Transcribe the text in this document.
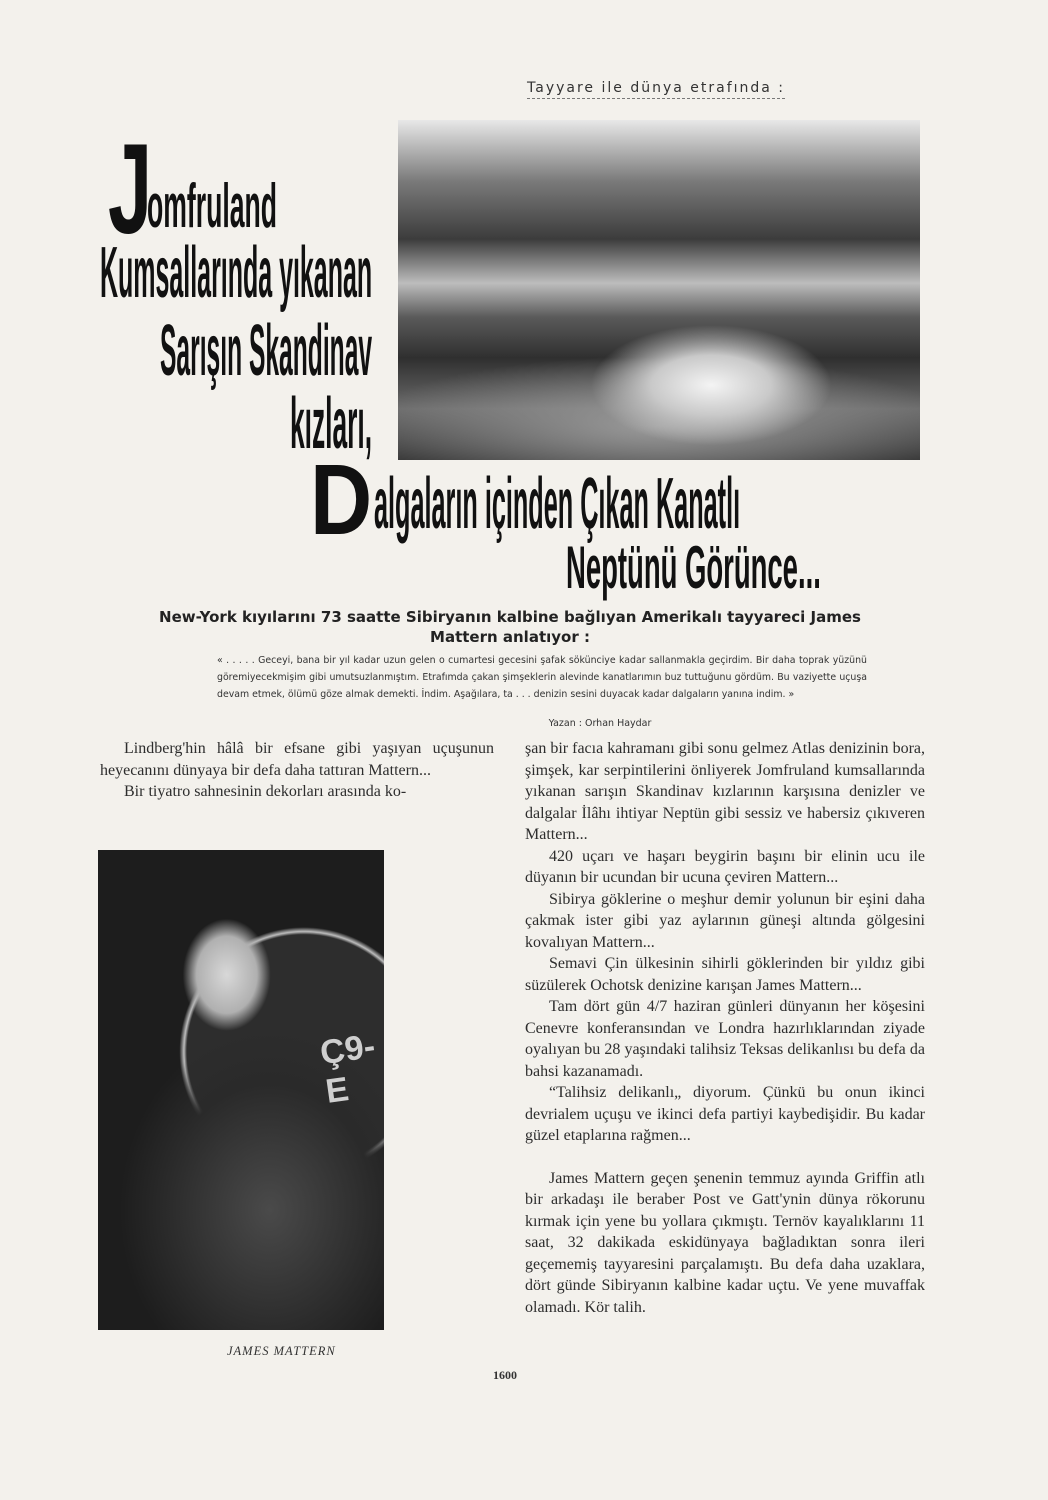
Tayyare ile dünya etrafında :
J
omfruland
Kumsallarında yıkanan
Sarışın Skandinav
kızları,
D algaların içinden Çıkan Kanatlı
Neptünü Görünce...
New-York kıyılarını 73 saatte Sibiryanın kalbine bağlıyan Amerikalı tayyareci James Mattern anlatıyor :
« . . . . . Geceyi, bana bir yıl kadar uzun gelen o cumartesi gecesini şafak sökünciye kadar sallanmakla geçirdim. Bir daha toprak yüzünü göremiyecekmişim gibi umutsuzlanmıştım. Etrafımda çakan şimşeklerin alevinde kanatlarımın buz tuttuğunu gördüm. Bu vaziyette uçuşa devam etmek, ölümü göze almak demekti. İndim. Aşağılara, ta . . . denizin sesini duyacak kadar dalgaların yanına indim. »
Yazan : Orhan Haydar

Lindberg'hin hâlâ bir efsane gibi yaşıyan uçuşunun heyecanını dünyaya bir defa daha tattıran Mattern...

Bir tiyatro sahnesinin dekorları arasında ko-

Ç9-E
JAMES MATTERN

şan bir facıa kahramanı gibi sonu gelmez Atlas denizinin bora, şimşek, kar serpintilerini önliyerek Jomfruland kumsallarında yıkanan sarışın Skandinav kızlarının karşısına denizler ve dalgalar İlâhı ihtiyar Neptün gibi sessiz ve habersiz çıkıveren Mattern...

420 uçarı ve haşarı beygirin başını bir elinin ucu ile düyanın bir ucundan bir ucuna çeviren Mattern...

Sibirya göklerine o meşhur demir yolunun bir eşini daha çakmak ister gibi yaz aylarının güneşi altında gölgesini kovalıyan Mattern...

Semavi Çin ülkesinin sihirli göklerinden bir yıldız gibi süzülerek Ochotsk denizine karışan James Mattern...

Tam dört gün 4/7 haziran günleri dünyanın her köşesini Cenevre konferansından ve Londra hazırlıklarından ziyade oyalıyan bu 28 yaşındaki talihsiz Teksas delikanlısı bu defa da bahsi kazanamadı.

“Talihsiz delikanlı„ diyorum. Çünkü bu onun ikinci devrialem uçuşu ve ikinci defa partiyi kaybedişidir. Bu kadar güzel etaplarına rağmen...

James Mattern geçen şenenin temmuz ayında Griffin atlı bir arkadaşı ile beraber Post ve Gatt'ynin dünya rökorunu kırmak için yene bu yollara çıkmıştı. Ternöv kayalıklarını 11 saat, 32 dakikada eskidünyaya bağladıktan sonra ileri geçememiş tayyaresini parçalamıştı. Bu defa daha uzaklara, dört günde Sibiryanın kalbine kadar uçtu. Ve yene muvaffak olamadı. Kör talih.

1600
